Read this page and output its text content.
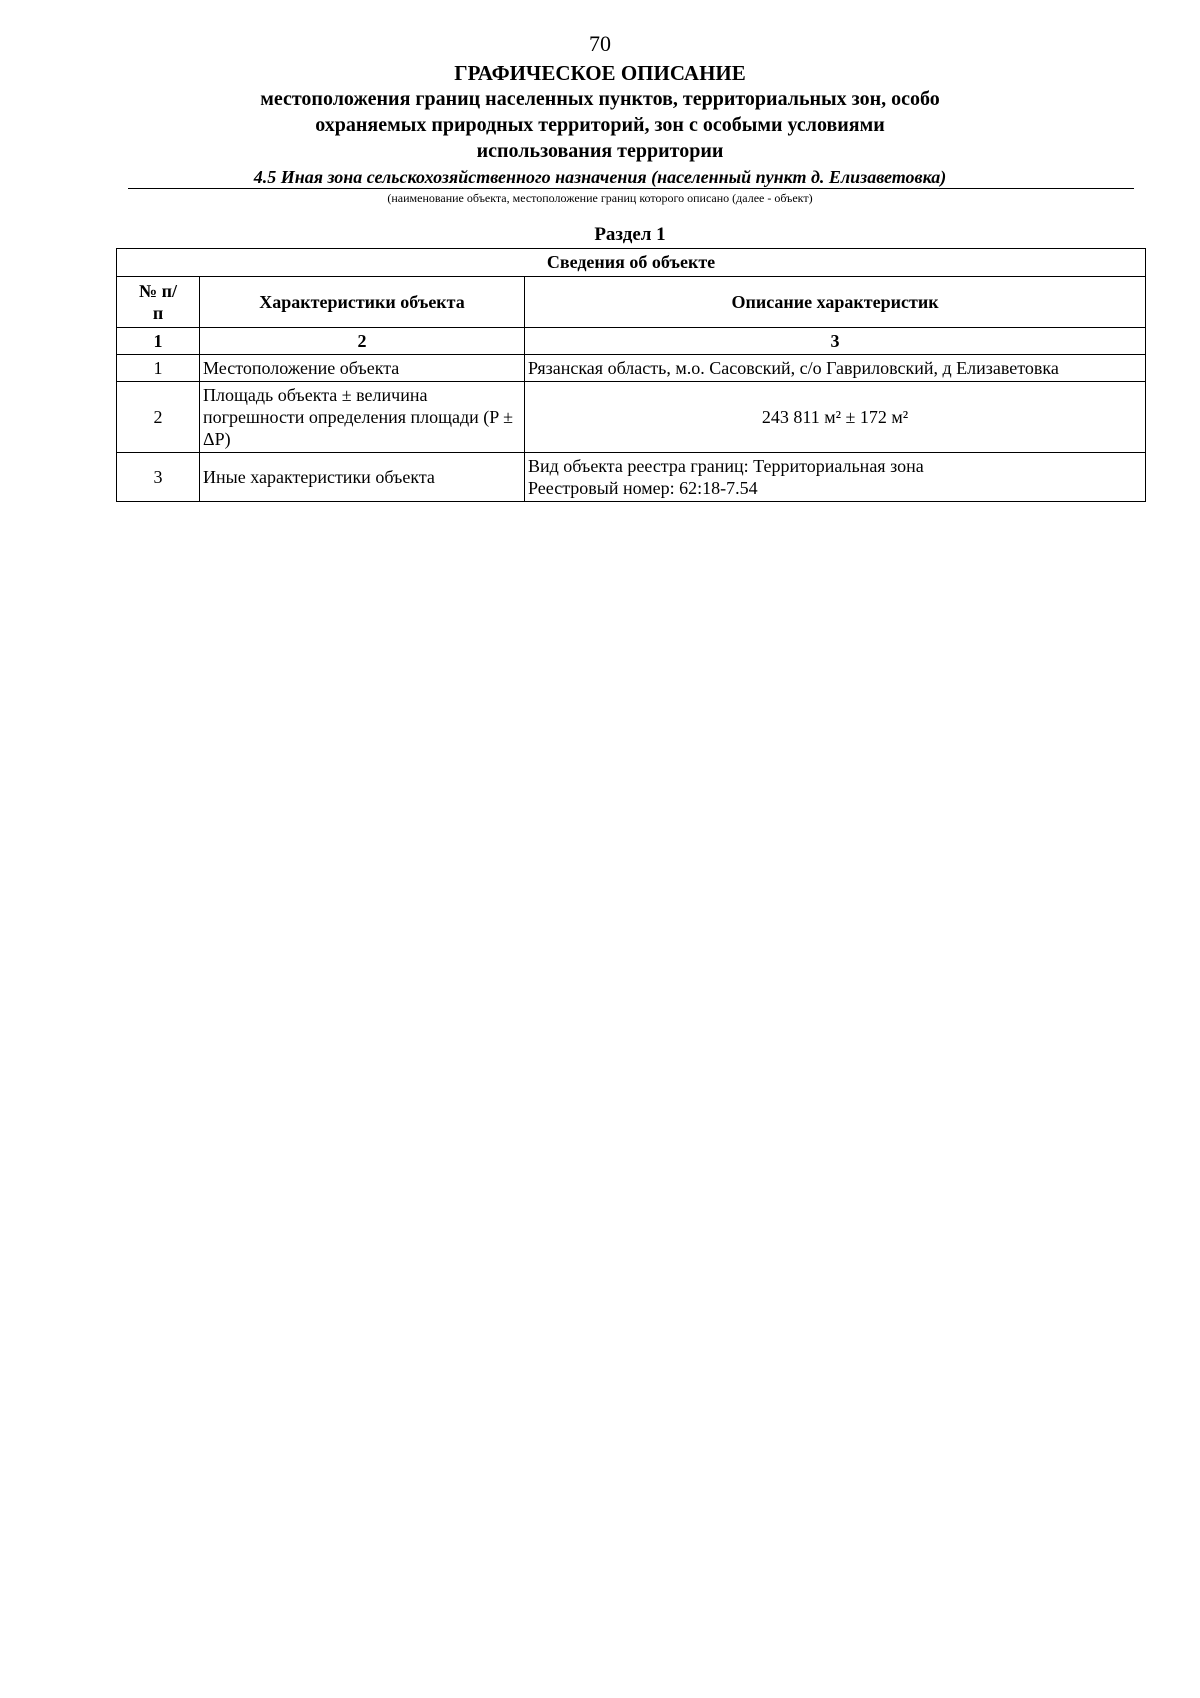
70
ГРАФИЧЕСКОЕ ОПИСАНИЕ
местоположения границ населенных пунктов, территориальных зон, особо охраняемых природных территорий, зон с особыми условиями использования территории
4.5 Иная зона сельскохозяйственного назначения (населенный пункт д. Елизаветовка)
(наименование объекта, местоположение границ которого описано (далее - объект)
Раздел 1
Сведения об объекте		

№ п/п	Характеристики объекта	Описание характеристик
1	2	3
1	Местоположение объекта	Рязанская область, м.о. Сасовский, с/о Гавриловский, д Елизаветовка
2	Площадь объекта ± величина погрешности определения площади (P ± ΔP)	243 811 м² ± 172 м²
3	Иные характеристики объекта	Вид объекта реестра границ: Территориальная зона
Реестровый номер: 62:18-7.54
